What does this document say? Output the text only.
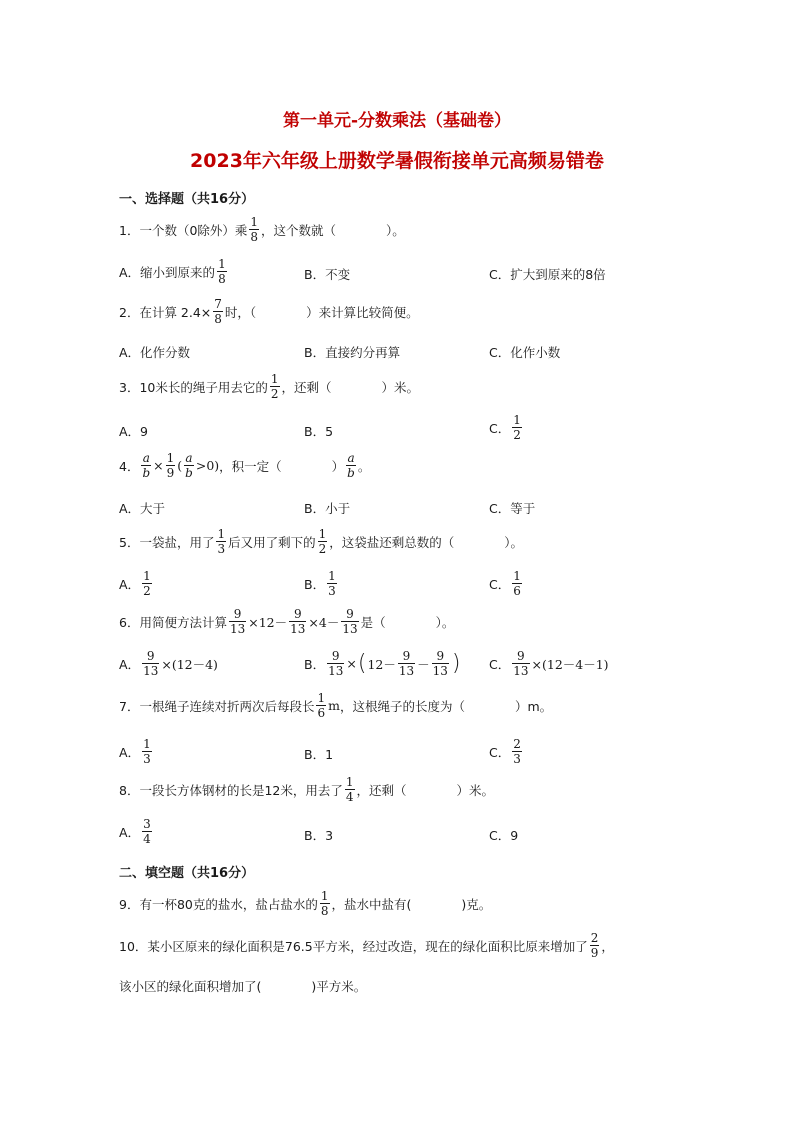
第一单元-分数乘法（基础卷）
2023年六年级上册数学暑假衔接单元高频易错卷
一、选择题（共16分）
1．一个数（0除外）乘 $\frac{1}{8}$ ，这个数就（　　　　）。
A．缩小到原来的 $\frac{1}{8}$	B．不变	C．扩大到原来的8倍
2．在计算 $2.4\times \frac{7}{8}$ 时，（　　　　）来计算比较简便。
A．化作分数	B．直接约分再算	C．化作小数
3．10米长的绳子用去它的 $\frac{1}{2}$ ，还剩（　　　　）米。
A．9	B．5	C． $\frac{1}{2}$
4． $\frac{a}{b} \times \frac{1}{9}$ ( $\frac{a}{b} >0$) ，积一定（　　　　） $\frac{a}{b}$ 。
A．大于	B．小于	C．等于
5．一袋盐，用了 $\frac{1}{3}$ 后又用了剩下的 $\frac{1}{2}$ ，这袋盐还剩总数的（　　　　）。
A． $\frac{1}{2}$	B． $\frac{1}{3}$	C． $\frac{1}{6}$
6．用简便方法计算 $\frac{9}{13} \times 12- \frac{9}{13} \times 4- \frac{9}{13}$ 是（　　　　）。
A． $\frac{9}{13} \times(12-4)$	B． $\frac{9}{13}$ × ( $12- \frac{9}{13} - \frac{9}{13}$ ) C． $\frac{9}{13} \times(12-4-1)$
7．一根绳子连续对折两次后每段长 $\frac{1}{6}$ m ，这根绳子的长度为（　　　　）m。
A． $\frac{1}{3}$	B．1	C． $\frac{2}{3}$
8．一段长方体钢材的长是12米，用去了 $\frac{1}{4}$ ，还剩（　　　　）米。
A． $\frac{3}{4}$	B．3	C．9
二、填空题（共16分）
9．有一杯80克的盐水，盐占盐水的 $\frac{1}{8}$ ，盐水中盐有(　　　　)克。
10．某小区原来的绿化面积是76.5平方米，经过改造，现在的绿化面积比原来增加了 $\frac{2}{9}$ ，
该小区的绿化面积增加了(　　　　)平方米。
